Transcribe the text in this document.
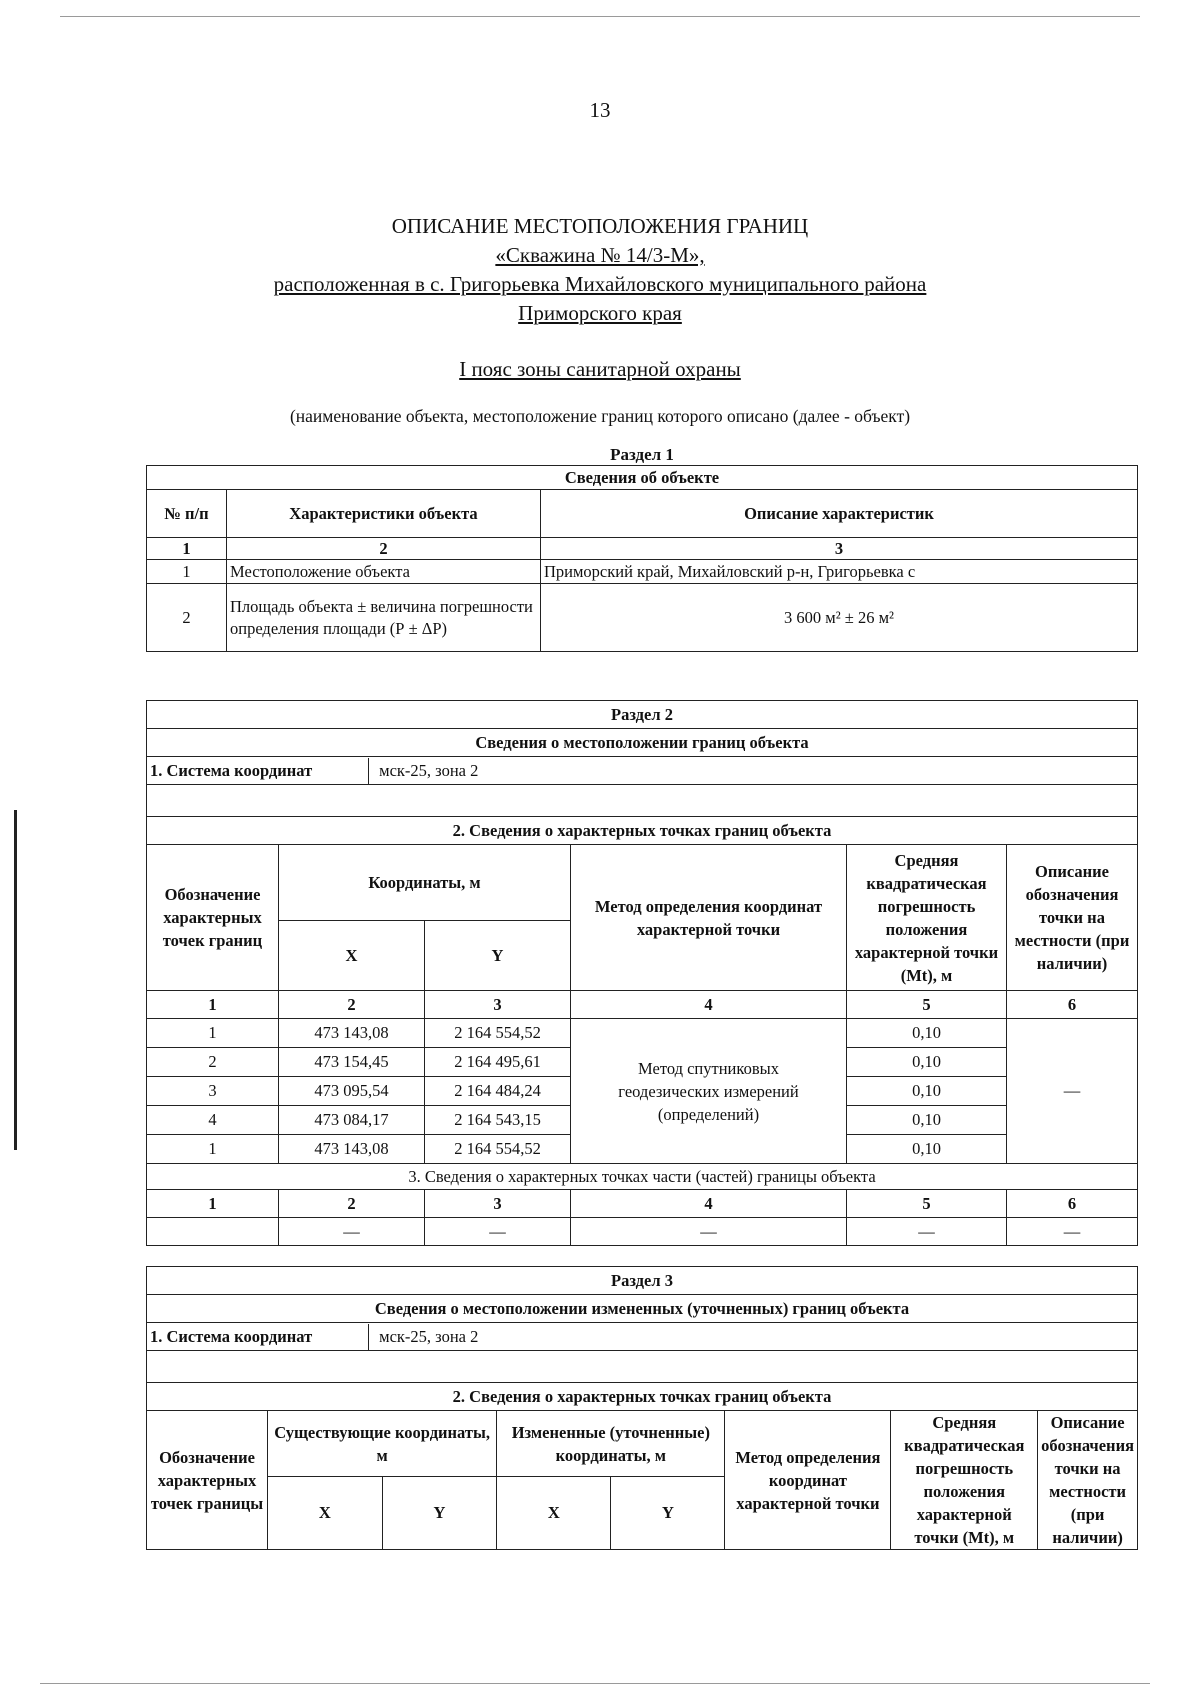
13
ОПИСАНИЕ МЕСТОПОЛОЖЕНИЯ ГРАНИЦ
«Скважина № 14/3-М»,
расположенная в с. Григорьевка Михайловского муниципального района
Приморского края
I пояс зоны санитарной охраны
(наименование объекта, местоположение границ которого описано (далее - объект)
Раздел 1
Сведения об объекте		
№ п/п	Характеристики объекта	Описание характеристик
1	2	3
1	Местоположение объекта	Приморский край, Михайловский р-н, Григорьевка с
2	Площадь объекта ± величина погрешности определения площади (Р ± ΔР)	3 600 м² ± 26 м²
Раздел 2					
Сведения о местоположении границ объекта					
1. Система координат мск-25, зона 2					

2. Сведения о характерных точках границ объекта					
Обозначение характерных точек границ	Координаты, м		Метод определения координат характерной точки	Средняя квадратическая погрешность положения характерной точки (Mt), м	Описание обозначения точки на местности (при наличии)
	X	Y			
1	2	3	4	5	6
1	473 143,08	2 164 554,52	Метод спутниковых геодезических измерений (определений)	0,10	—
2	473 154,45	2 164 495,61		0,10	
3	473 095,54	2 164 484,24		0,10	
4	473 084,17	2 164 543,15		0,10	
1	473 143,08	2 164 554,52		0,10	
3. Сведения о характерных точках части (частей) границы объекта					
1	2	3	4	5	6
	—	—	—	—	—
Раздел 3							
Сведения о местоположении измененных (уточненных) границ объекта							
1. Система координат мск-25, зона 2							

2. Сведения о характерных точках границ объекта							
Обозначение характерных точек границы	Существующие координаты, м		Измененные (уточненные) координаты, м		Метод определения координат характерной точки	Средняя квадратическая погрешность положения характерной точки (Mt), м	Описание обозначения точки на местности (при наличии)
	X	Y	X	Y			
